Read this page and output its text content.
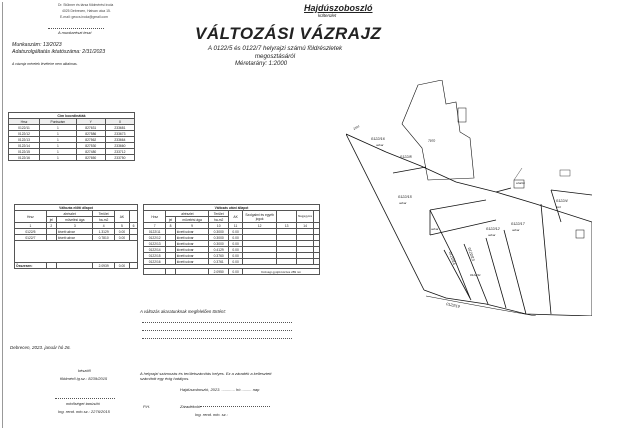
Dr. Stübner és társa földmérési iroda
4025 Debrecen, Hatvan utca 15.
E-mail: geocs.iroda@gmail.com
A munkarészt ieszi
Munkaszám: 13/2023
Adatszolgáltatás iktatószáma: 2/31/2023
A vázrajz méretek lévéleíre nem alkalmas.
Hajdúszoboszló
külterület
VÁLTOZÁSI VÁZRAJZ
A 0122/5 és 0122/7 helyrajzi számú földrészletek megosztásáról
Méretarány: 1:2000
Cím koordináták			
Hrsz	Pontszám	Y	X
0122/11	1	827631	233681
0122/12	1	827586	233673
0122/13	1	827562	233664
0122/14	1	827530	233660
0122/15	1	827480	233712
0122/16	1	827650	233750
Változás előtti állapot					
Hrsz	alrészlet		Terület	AK	
	jel	művelési ága	ha-m2		
1	2	3	4	5	6
0122/5		kivett udvar	1.3129	0.00	
0122/7		kivett udvar	0.7810	0.00	

Összesen:			2.0939	0.00	
Változás utáni állapot								
Hrsz	alrészlet		Terület	AK	Szolgalmi és egyéb jogok		Megjegyzés	
	jel	művelési ága	ha-m2					
7	8	9	10	11	12	13	14	
0122/11		kivett udvar	0.3000	0.00				
0122/12		kivett udvar	0.3000	0.00				
0122/13		kivett udvar	0.3000	0.00				
0122/14		kivett udvar	0.4129	0.00				
0122/15		kivett udvar	0.3760	0.00				
0122/16		kivett udvar	0.3761	0.00				

			2.0950	0.00	Közvégi gyújtő körzés 289 nm			
A változás akaratunknak megfelelően történt:
Debrecen, 2023. január hó 26.
készítő
földmérő ig.sz.: 8239/2015
minőséget tanúsító
Ing. rend. min.sz.: 2276/2015
A helyrajzi számozás és területszámítás helyes. Ez a záradék a kellesztett számított egy évig hatályos.
Hajdúszoboszló, 2023. ............ hó ......... nap
P.H.	Záradékoló:
Ing. rend. min. sz.:
0122/16
udvar
0122/8
7970
0122/15
udvar
0122/17
udvar
0122/12
udvar
0122/13
0122/14
0122/4
kert
udvar
0122/11
szántó
0122/19
2101
